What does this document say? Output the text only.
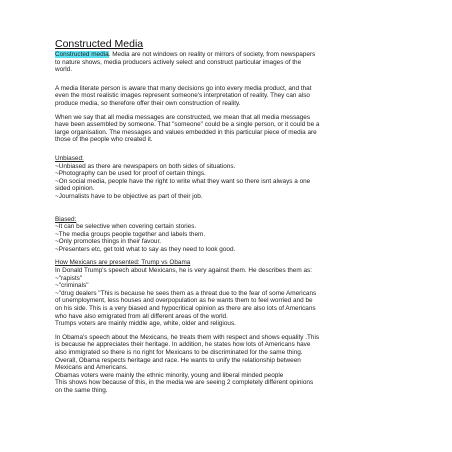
Constructed Media
Constructed media. Media are not windows on reality or mirrors of society, from newspapers
to nature shows, media producers actively select and construct particular images of the
world.
A media literate person is aware that many decisions go into every media product, and that
even the most realistic images represent someone's interpretation of reality. They can also
produce media, so therefore offer their own construction of reality.
When we say that all media messages are constructed, we mean that all media messages
have been assembled by someone. That "someone" could be a single person, or it could be a
large organisation. The messages and values embedded in this particular piece of media are
those of the people who created it.
Unbiased:
~Unbiased as there are newspapers on both sides of situations.
~Photography can be used for proof of certain things.
~On social media, people have the right to write what they want so there isnt always a one
sided opinion.
~Journalists have to be objective as part of their job.
Biased:
~It can be selective when covering certain stories.
~The media groups people together and labels them.
~Only promotes things in their favour.
~Presenters etc, get told what to say as they need to look good.
How Mexicans are presented: Trump vs Obama
In Donald Trump's speech about Mexicans, he is very against them. He describes them as:
~"rapists"
~"criminals"
~"drug dealers "This is because he sees them as a threat due to the fear of some Americans
of unemployment, less houses and overpopulation as he wants them to feel worried and be
on his side. This is a very biased and hypocritical opinion as there are also lots of Americans
who have also emigrated from all different areas of the world.
Trumps voters are mainly middle age, white, older and religious.
In Obama's speech about the Mexicans, he treats them with respect and shows equality .This
is because he appreciates their heritage. In addition, he states how lots of Americans have
also immigrated so there is no right for Mexicans to be discriminated for the same thing.
Overall, Obama respects heritage and race. He wants to unify the relationship between
Mexicans and Americans.
Obamas voters were mainly the ethnic minority, young and liberal minded people
This shows how because of this, in the media we are seeing 2 completely different opinions
on the same thing.
